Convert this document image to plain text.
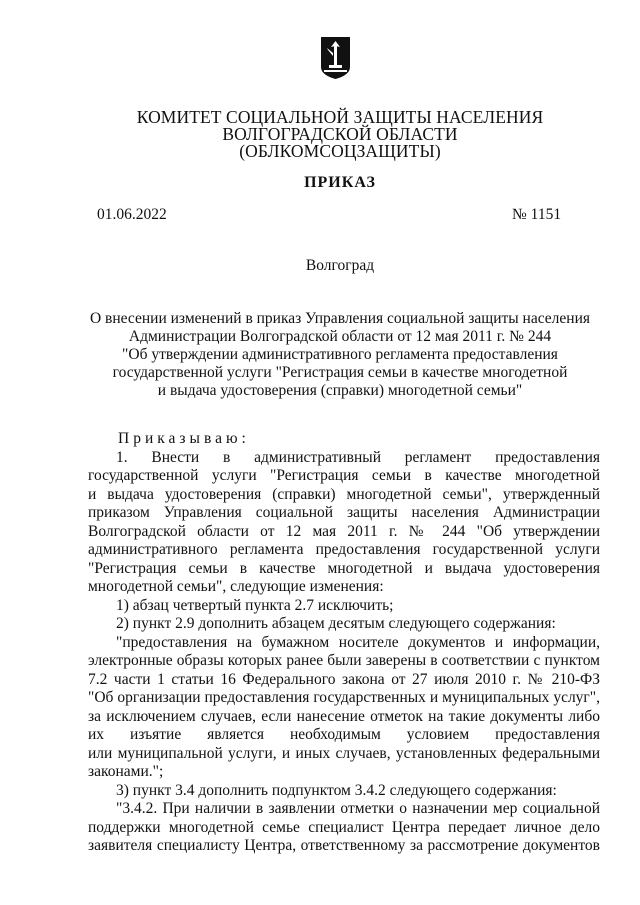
КОМИТЕТ СОЦИАЛЬНОЙ ЗАЩИТЫ НАСЕЛЕНИЯ
ВОЛГОГРАДСКОЙ ОБЛАСТИ
(ОБЛКОМСОЦЗАЩИТЫ)
ПРИКАЗ
01.06.2022	№ 1151
Волгоград
О внесении изменений в приказ Управления социальной защиты населения
Администрации Волгоградской области от 12 мая 2011 г. № 244
"Об утверждении административного регламента предоставления
государственной услуги "Регистрация семьи в качестве многодетной
и выдача удостоверения (справки) многодетной семьи"
Приказываю:
1. Внести в административный регламент предоставления
государственной услуги "Регистрация семьи в качестве многодетной
и выдача удостоверения (справки) многодетной семьи", утвержденный
приказом Управления социальной защиты населения Администрации
Волгоградской области от 12 мая 2011 г. № 244 "Об утверждении
административного регламента предоставления государственной услуги
"Регистрация семьи в качестве многодетной и выдача удостоверения
многодетной семьи", следующие изменения:
1) абзац четвертый пункта 2.7 исключить;
2) пункт 2.9 дополнить абзацем десятым следующего содержания:
"предоставления на бумажном носителе документов и информации,
электронные образы которых ранее были заверены в соответствии с пунктом
7.2 части 1 статьи 16 Федерального закона от 27 июля 2010 г. № 210-ФЗ
"Об организации предоставления государственных и муниципальных услуг",
за исключением случаев, если нанесение отметок на такие документы либо
их изъятие является необходимым условием предоставления
или муниципальной услуги, и иных случаев, установленных федеральными
законами.";
3) пункт 3.4 дополнить подпунктом 3.4.2 следующего содержания:
"3.4.2. При наличии в заявлении отметки о назначении мер социальной
поддержки многодетной семье специалист Центра передает личное дело
заявителя специалисту Центра, ответственному за рассмотрение документов
